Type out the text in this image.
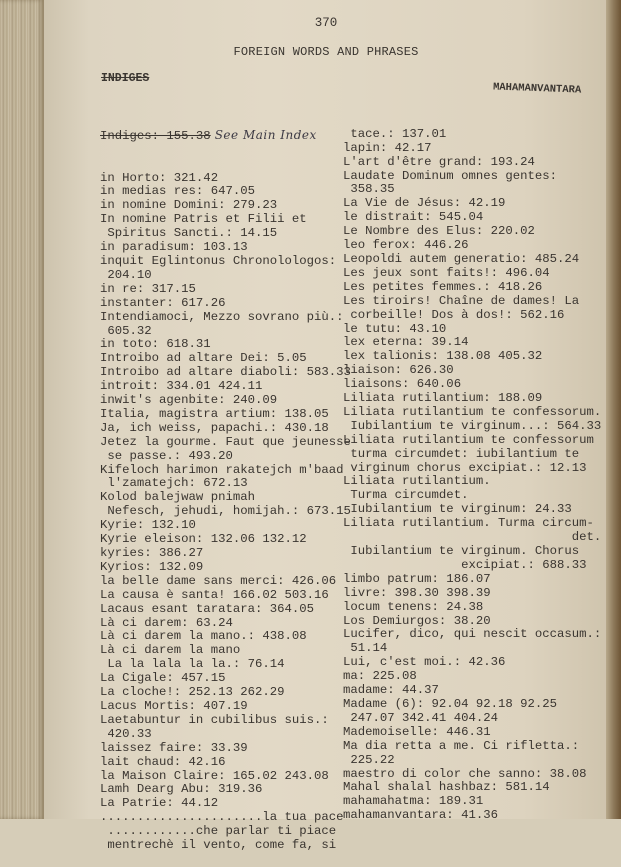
370
FOREIGN WORDS AND PHRASES
INDIGES
MAHAMANVANTARA

Indiges: 155.38 See Main Index

in Horto: 321.42
in medias res: 647.05
in nomine Domini: 279.23
In nomine Patris et Filii et
Spiritus Sancti.: 14.15
in paradisum: 103.13
inquit Eglintonus Chronolologos:
204.10
in re: 317.15
instanter: 617.26
Intendiamoci, Mezzo sovrano più.:
605.32
in toto: 618.31
Introibo ad altare Dei: 5.05
Introibo ad altare diaboli: 583.33
introit: 334.01 424.11
inwit's agenbite: 240.09
Italia, magistra artium: 138.05
Ja, ich weiss, papachi.: 430.18
Jetez la gourme. Faut que jeunesse
se passe.: 493.20
Kifeloch harimon rakatejch m'baad
l'zamatejch: 672.13
Kolod balejwaw pnimah
Nefesch, jehudi, homijah.: 673.15
Kyrie: 132.10
Kyrie eleison: 132.06 132.12
kyries: 386.27
Kyrios: 132.09
la belle dame sans merci: 426.06
La causa è santa! 166.02 503.16
Lacaus esant taratara: 364.05
Là ci darem: 63.24
Là ci darem la mano.: 438.08
Là ci darem la mano
La la lala la la.: 76.14
La Cigale: 457.15
La cloche!: 252.13 262.29
Lacus Mortis: 407.19
Laetabuntur in cubilibus suis.:
420.33
laissez faire: 33.39
lait chaud: 42.16
la Maison Claire: 165.02 243.08
Lamh Dearg Abu: 319.36
La Patrie: 44.12
......................la tua pace
............che parlar ti piace
mentrechè il vento, come fa, si

tace.: 137.01
lapin: 42.17
L'art d'être grand: 193.24
Laudate Dominum omnes gentes:
358.35
La Vie de Jésus: 42.19
le distrait: 545.04
Le Nombre des Elus: 220.02
leo ferox: 446.26
Leopoldi autem generatio: 485.24
Les jeux sont faits!: 496.04
Les petites femmes.: 418.26
Les tiroirs! Chaîne de dames! La
corbeille! Dos à dos!: 562.16
le tutu: 43.10
lex eterna: 39.14
lex talionis: 138.08 405.32
liaison: 626.30
liaisons: 640.06
Liliata rutilantium: 188.09
Liliata rutilantium te confessorum.
Iubilantium te virginum...: 564.33
Liliata rutilantium te confessorum
turma circumdet: iubilantium te
virginum chorus excipiat.: 12.13
Liliata rutilantium.
Turma circumdet.
Iubilantium te virginum: 24.33
Liliata rutilantium. Turma circum-
det.
Iubilantium te virginum. Chorus
excipiat.: 688.33
limbo patrum: 186.07
livre: 398.30 398.39
locum tenens: 24.38
Los Demiurgos: 38.20
Lucifer, dico, qui nescit occasum.:
51.14
Lui, c'est moi.: 42.36
ma: 225.08
madame: 44.37
Madame (6): 92.04 92.18 92.25
247.07 342.41 404.24
Mademoiselle: 446.31
Ma dia retta a me. Ci rifletta.:
225.22
maestro di color che sanno: 38.08
Mahal shalal hashbaz: 581.14
mahamahatma: 189.31
mahamanvantara: 41.36
